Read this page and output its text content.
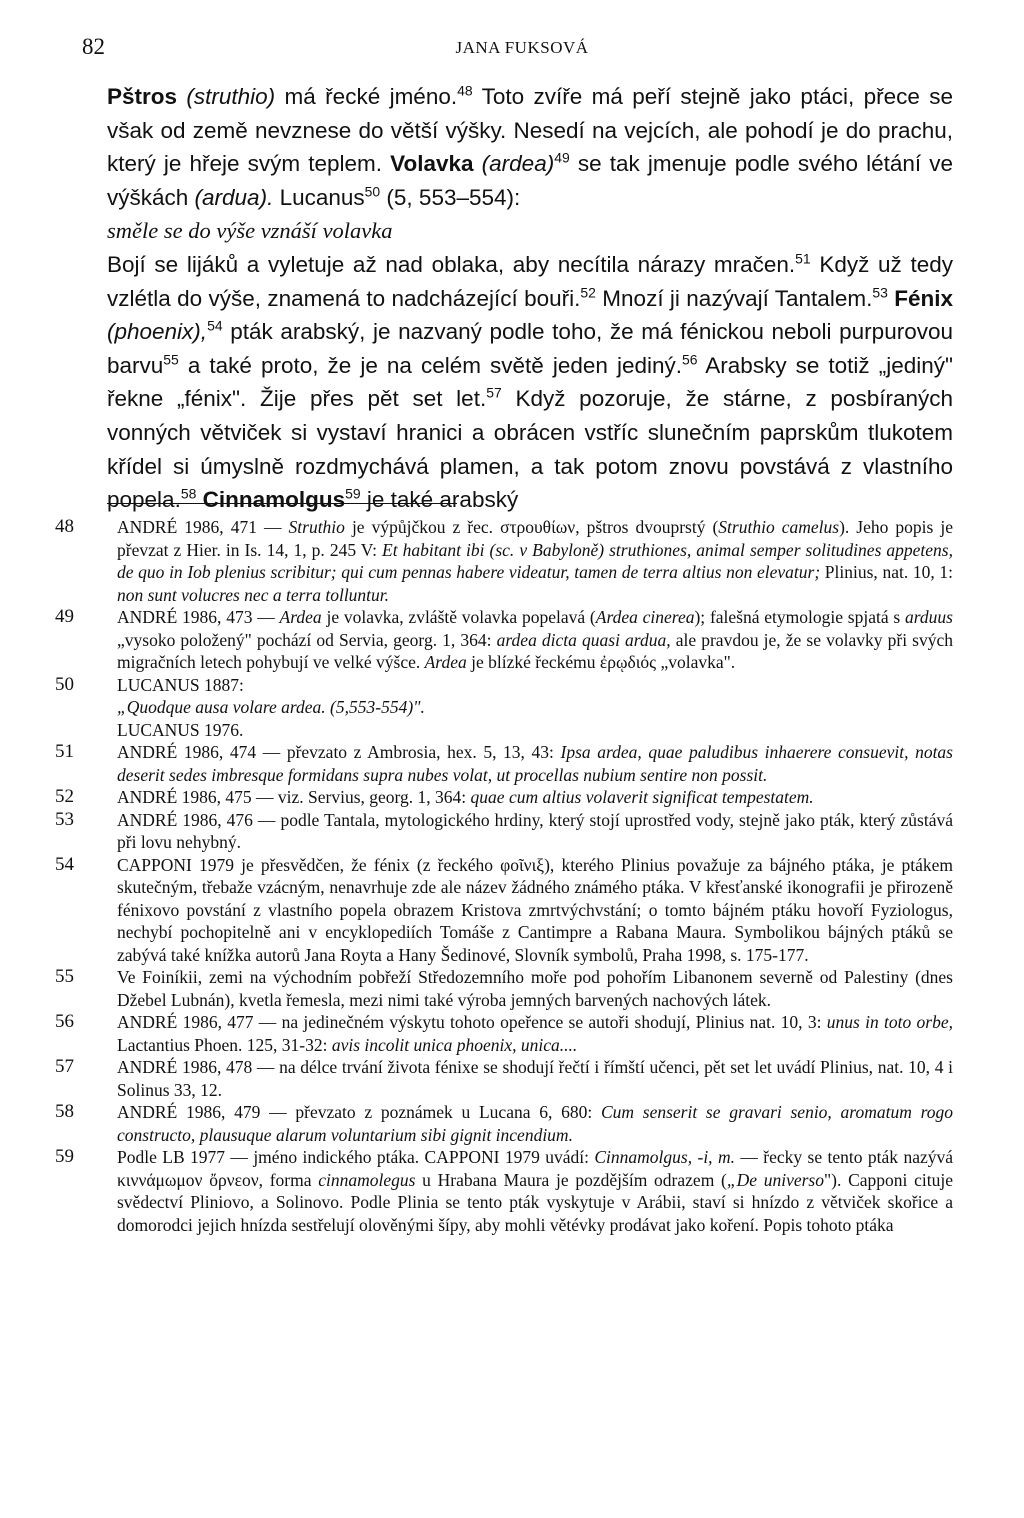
82	JANA FUKSOVÁ

Pštros (struthio) má řecké jméno.$^{48}$ Toto zvíře má peří stejně jako ptáci, přece se však od země nevznese do větší výšky. Nesedí na vejcích, ale pohodí je do prachu, který je hřeje svým teplem. Volavka (ardea)$^{49}$ se tak jmenuje podle svého létání ve výškách (ardua). Lucanus$^{50}$ (5, 553–554):
směle se do výše vznáší volavka
Bojí se lijáků a vyletuje až nad oblaka, aby necítila nárazy mračen.$^{51}$ Když už tedy vzlétla do výše, znamená to nadcházející bouři.$^{52}$ Mnozí ji nazývají Tantalem.$^{53}$ Fénix (phoenix),$^{54}$ pták arabský, je nazvaný podle toho, že má fénickou neboli purpurovou barvu$^{55}$ a také proto, že je na celém světě jeden jediný.$^{56}$ Arabsky se totiž „jediný" řekne „fénix". Žije přes pět set let.$^{57}$ Když pozoruje, že stárne, z posbíraných vonných větviček si vystaví hranici a obrácen vstříc slunečním paprskům tlukotem křídel si úmyslně rozdmychává plamen, a tak potom znovu povstává z vlastního popela.$^{58}$ Cinnamolgus$^{59}$ je také arabský

48 ANDRÉ 1986, 471 — Struthio je výpůjčkou z řec. στρουθίων, pštros dvouprstý (Struthio camelus). Jeho popis je převzat z Hier. in Is. 14, 1, p. 245 V: Et habitant ibi (sc. v Babyloně) struthiones, animal semper solitudines appetens, de quo in Iob plenius scribitur; qui cum pennas habere videatur, tamen de terra altius non elevatur; Plinius, nat. 10, 1: non sunt volucres nec a terra tolluntur.
49 ANDRÉ 1986, 473 — Ardea je volavka, zvláště volavka popelavá (Ardea cinerea); falešná etymologie spjatá s arduus „vysoko položený" pochází od Servia, georg. 1, 364: ardea dicta quasi ardua, ale pravdou je, že se volavky při svých migračních letech pohybují ve velké výšce. Ardea je blízké řeckému ἐρῳδιός „volavka".
50 LUCANUS 1887:
„Quodque ausa volare ardea. (5,553-554)".
LUCANUS 1976.
51 ANDRÉ 1986, 474 — převzato z Ambrosia, hex. 5, 13, 43: Ipsa ardea, quae paludibus inhaerere consuevit, notas deserit sedes imbresque formidans supra nubes volat, ut procellas nubium sentire non possit.
52 ANDRÉ 1986, 475 — viz. Servius, georg. 1, 364: quae cum altius volaverit significat tempestatem.
53 ANDRÉ 1986, 476 — podle Tantala, mytologického hrdiny, který stojí uprostřed vody, stejně jako pták, který zůstává při lovu nehybný.
54 CAPPONI 1979 je přesvědčen, že fénix (z řeckého φοῖνιξ), kterého Plinius považuje za bájného ptáka, je ptákem skutečným, třebaže vzácným, nenavrhuje zde ale název žádného známého ptáka. V křesťanské ikonografii je přirozeně fénixovo povstání z vlastního popela obrazem Kristova zmrtvýchvstání; o tomto bájném ptáku hovoří Fyziologus, nechybí pochopitelně ani v encyklopediích Tomáše z Cantimpre a Rabana Maura. Symbolikou bájných ptáků se zabývá také knížka autorů Jana Royta a Hany Šedinové, Slovník symbolů, Praha 1998, s. 175-177.
55 Ve Foiníkii, zemi na východním pobřeží Středozemního moře pod pohořím Libanonem severně od Palestiny (dnes Džebel Lubnán), kvetla řemesla, mezi nimi také výroba jemných barvených nachových látek.
56 ANDRÉ 1986, 477 — na jedinečném výskytu tohoto opeřence se autoři shodují, Plinius nat. 10, 3: unus in toto orbe, Lactantius Phoen. 125, 31-32: avis incolit unica phoenix, unica....
57 ANDRÉ 1986, 478 — na délce trvání života fénixe se shodují řečtí i římští učenci, pět set let uvádí Plinius, nat. 10, 4 i Solinus 33, 12.
58 ANDRÉ 1986, 479 — převzato z poznámek u Lucana 6, 680: Cum senserit se gravari senio, aromatum rogo constructo, plausuque alarum voluntarium sibi gignit incendium.
59 Podle LB 1977 — jméno indického ptáka. CAPPONI 1979 uvádí: Cinnamolgus, -i, m. — řecky se tento pták nazývá κιννάμωμον ὄρνεον, forma cinnamolegus u Hrabana Maura je pozdějším odrazem („De universo"). Capponi cituje svědectví Pliniovo, a Solinovo. Podle Plinia se tento pták vyskytuje v Arábii, staví si hnízdo z větviček skořice a domorodci jejich hnízda sestřelují olověnými šípy, aby mohli větévky prodávat jako koření. Popis tohoto ptáka
